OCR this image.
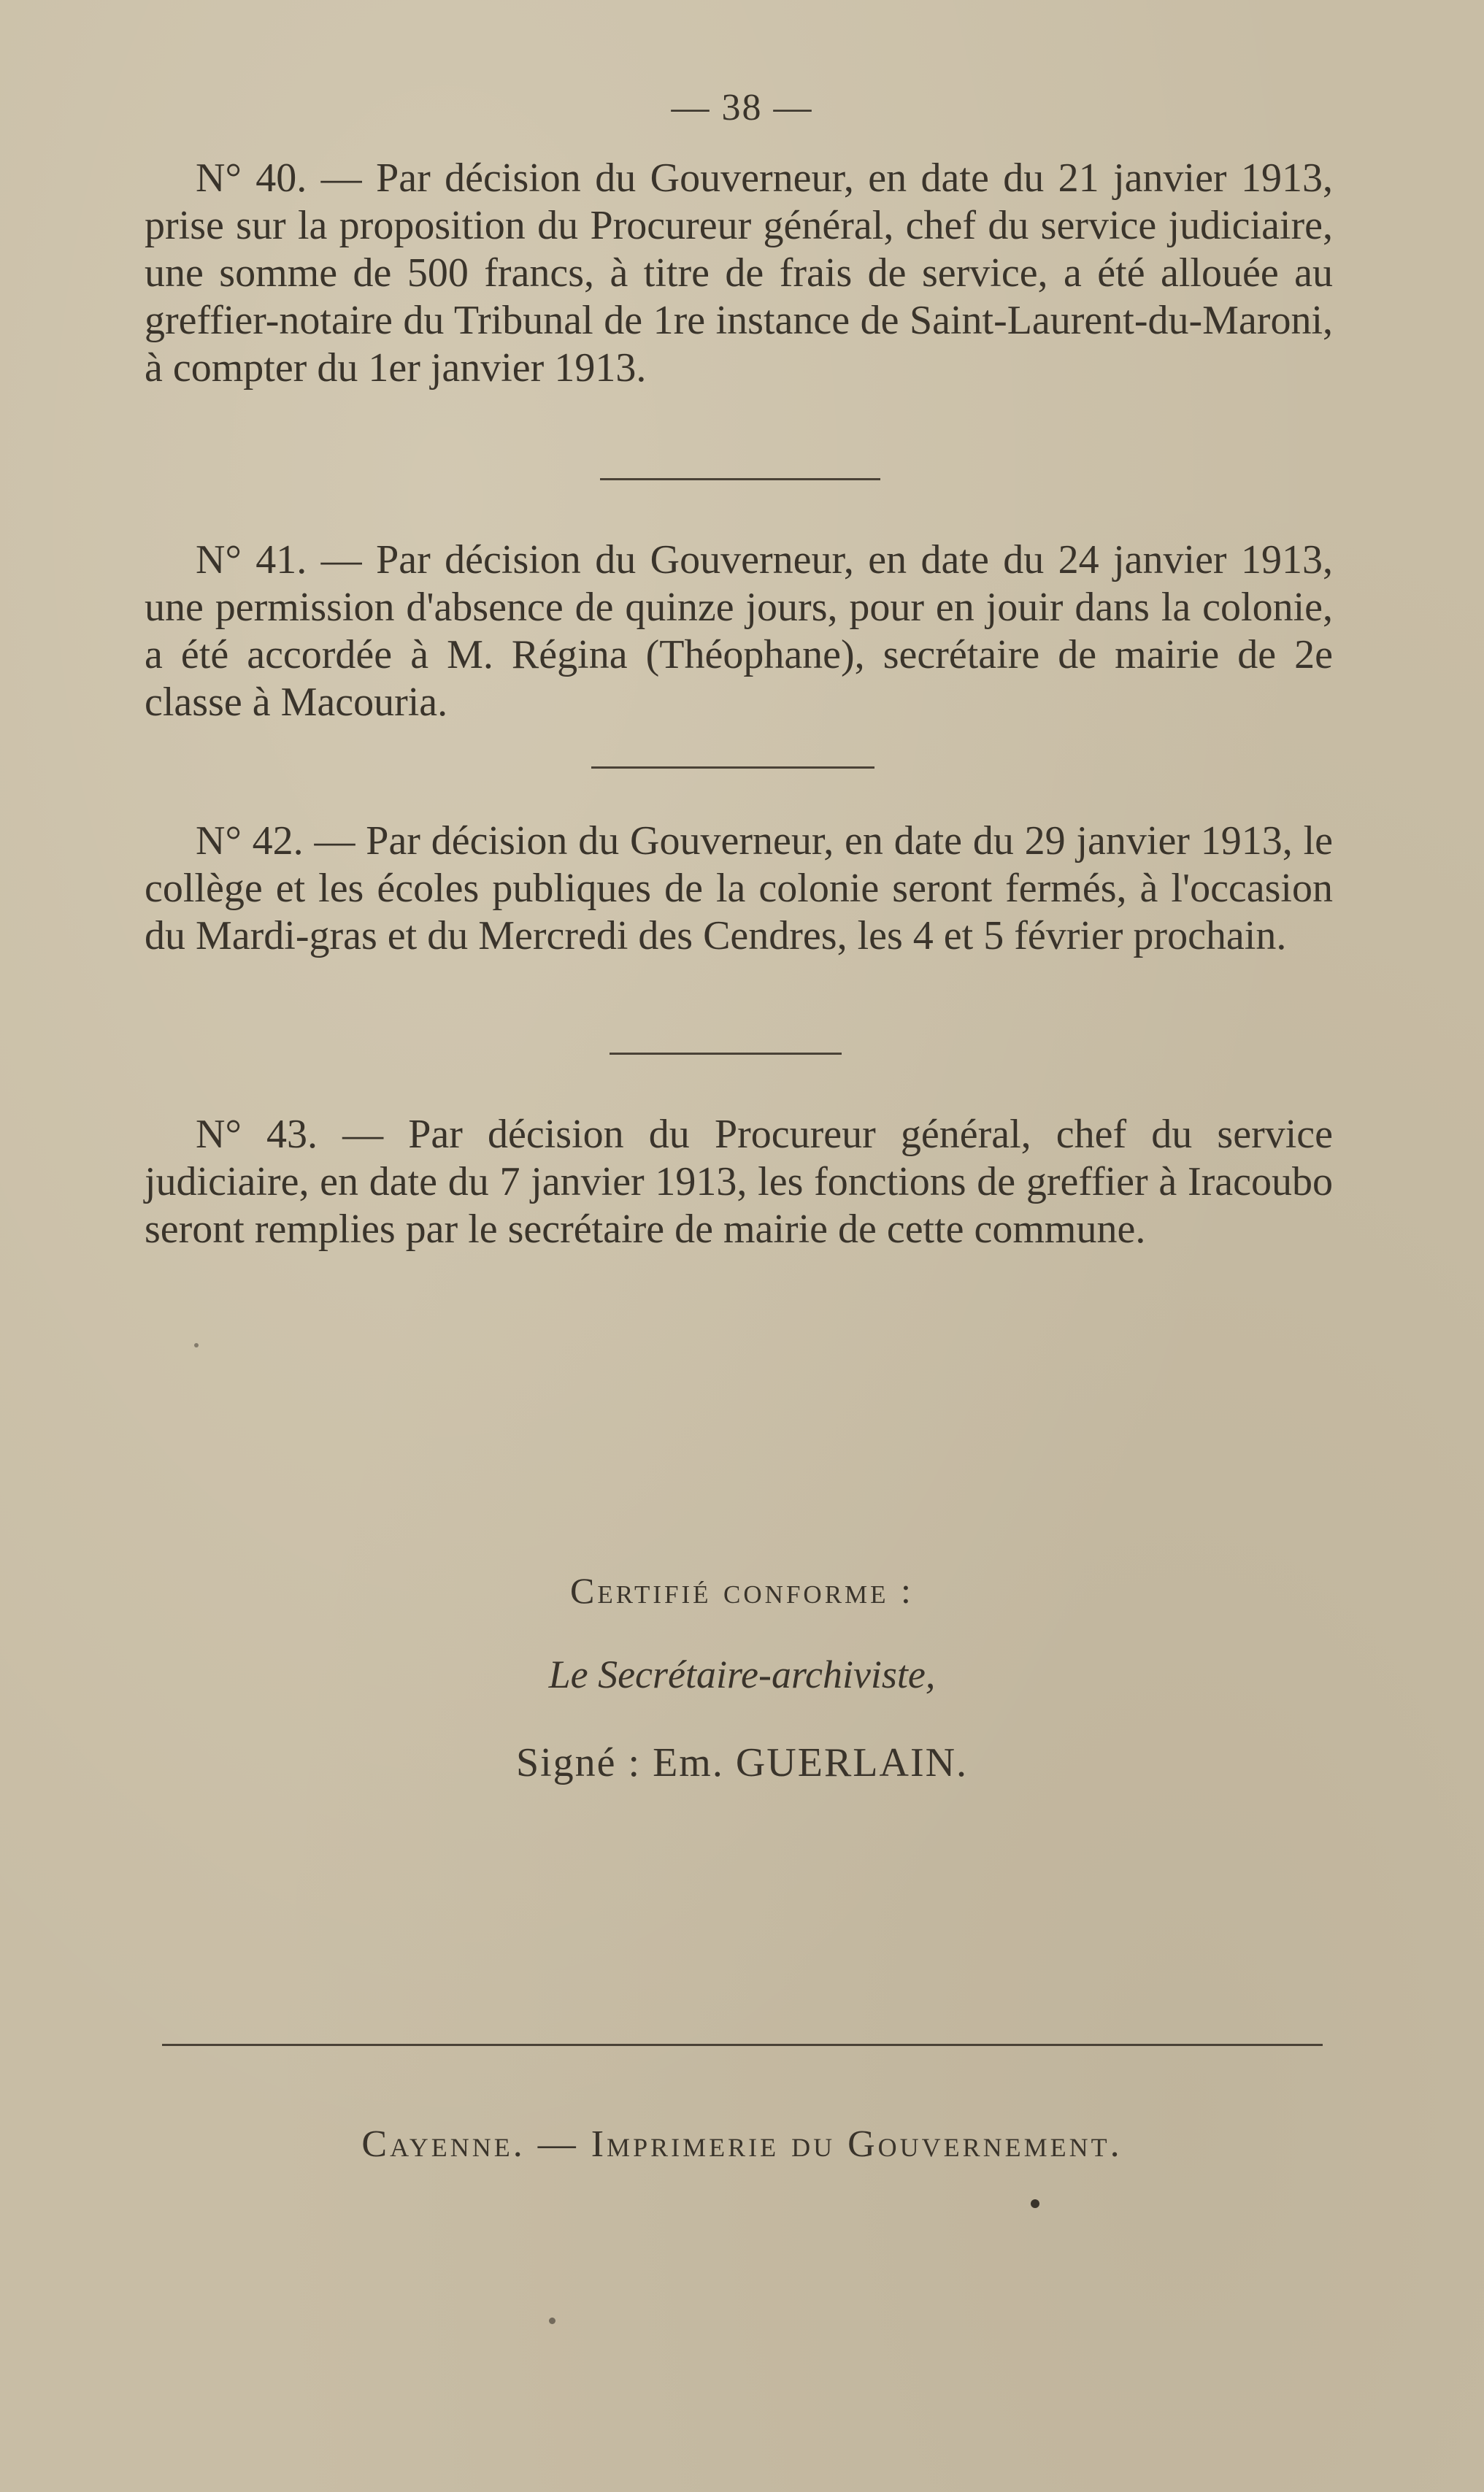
— 38 —

N° 40. — Par décision du Gouverneur, en date du 21 janvier 1913, prise sur la proposition du Procureur général, chef du service judiciaire, une somme de 500 francs, à titre de frais de service, a été allouée au greffier-notaire du Tribunal de 1re instance de Saint-Laurent-du-Maroni, à compter du 1er janvier 1913.

N° 41. — Par décision du Gouverneur, en date du 24 janvier 1913, une permission d'absence de quinze jours, pour en jouir dans la colonie, a été accordée à M. Régina (Théophane), secrétaire de mairie de 2e classe à Macouria.

N° 42. — Par décision du Gouverneur, en date du 29 janvier 1913, le collège et les écoles publiques de la colonie seront fermés, à l'occasion du Mardi-gras et du Mercredi des Cendres, les 4 et 5 février prochain.

N° 43. — Par décision du Procureur général, chef du service judiciaire, en date du 7 janvier 1913, les fonctions de greffier à Iracoubo seront remplies par le secrétaire de mairie de cette commune.

Certifié conforme :
Le Secrétaire-archiviste,
Signé : Em. GUERLAIN.
Cayenne. — Imprimerie du Gouvernement.
